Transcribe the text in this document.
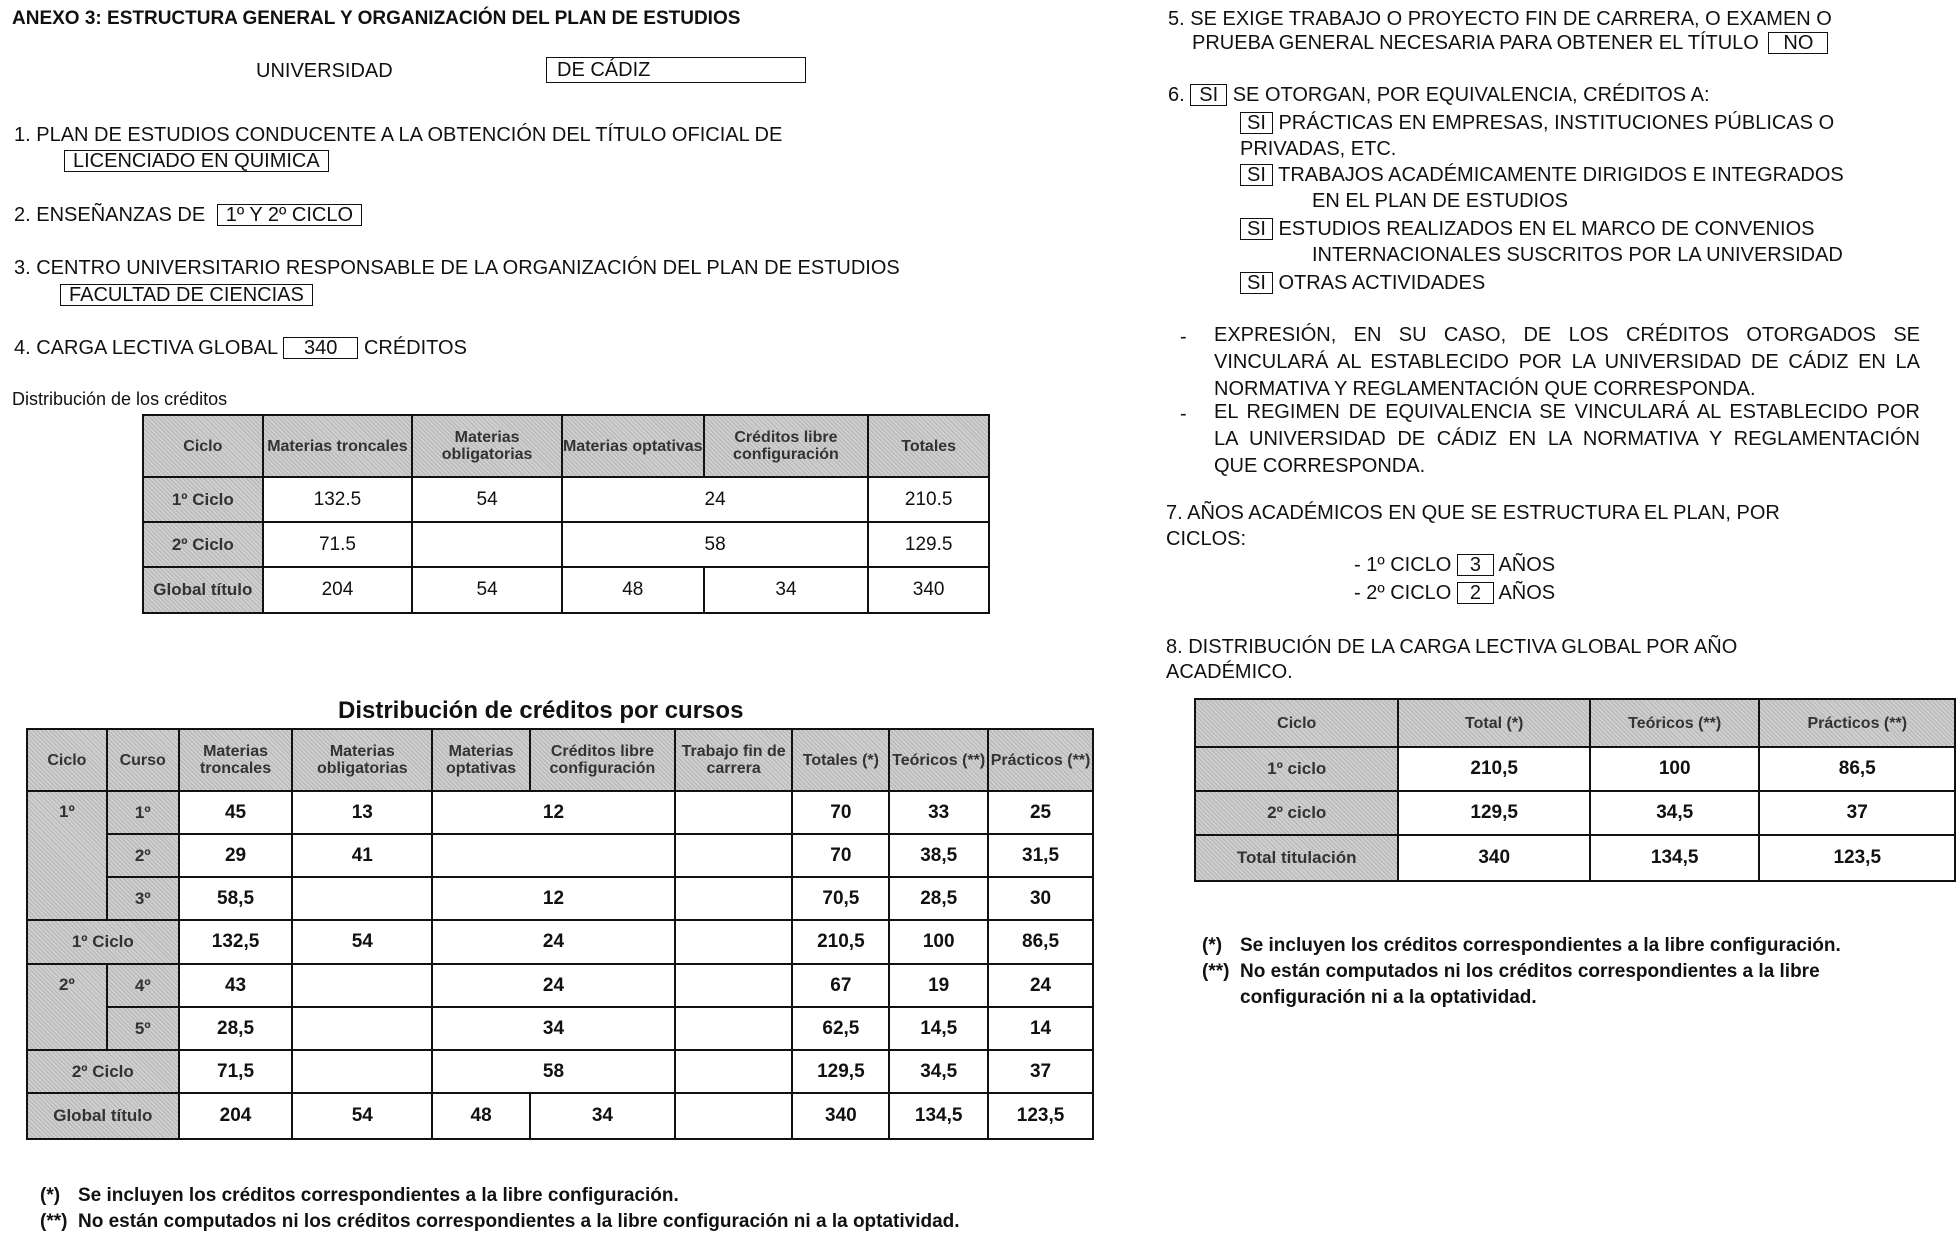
ANEXO 3: ESTRUCTURA GENERAL Y ORGANIZACIÓN DEL PLAN DE ESTUDIOS
UNIVERSIDAD	DE CÁDIZ
1. PLAN DE ESTUDIOS CONDUCENTE A LA OBTENCIÓN DEL TÍTULO OFICIAL DE
LICENCIADO EN QUIMICA
2. ENSEÑANZAS DE 1º Y 2º CICLO
3. CENTRO UNIVERSITARIO RESPONSABLE DE LA ORGANIZACIÓN DEL PLAN DE ESTUDIOS
FACULTAD DE CIENCIAS
4. CARGA LECTIVA GLOBAL 340 CRÉDITOS
Distribución de los créditos
Ciclo	Materias troncales	Materias obligatorias	Materias optativas	Créditos libre configuración	Totales
1º Ciclo	132.5	54	24		210.5
2º Ciclo	71.5		58		129.5
Global título	204	54	48	34	340
Distribución de créditos por cursos
Ciclo	Curso	Materias troncales	Materias obligatorias	Materias optativas	Créditos libre configuración	Trabajo fin de carrera	Totales (*)	Teóricos (**)	Prácticos (**)
1º	1º	45	13	12			70	33	25
	2º	29	41				70	38,5	31,5
	3º	58,5		12			70,5	28,5	30
1º Ciclo		132,5	54	24			210,5	100	86,5
2º	4º	43		24			67	19	24
	5º	28,5		34			62,5	14,5	14
2º Ciclo		71,5		58			129,5	34,5	37
Global título		204	54	48	34		340	134,5	123,5
(*) Se incluyen los créditos correspondientes a la libre configuración.
(**) No están computados ni los créditos correspondientes a la libre configuración ni a la optatividad.
5. SE EXIGE TRABAJO O PROYECTO FIN DE CARRERA, O EXAMEN O
PRUEBA GENERAL NECESARIA PARA OBTENER EL TÍTULO NO
6. SI SE OTORGAN, POR EQUIVALENCIA, CRÉDITOS A:
SI PRÁCTICAS EN EMPRESAS, INSTITUCIONES PÚBLICAS O
PRIVADAS, ETC.
SI TRABAJOS ACADÉMICAMENTE DIRIGIDOS E INTEGRADOS
EN EL PLAN DE ESTUDIOS
SI ESTUDIOS REALIZADOS EN EL MARCO DE CONVENIOS
INTERNACIONALES SUSCRITOS POR LA UNIVERSIDAD
SI OTRAS ACTIVIDADES
- EXPRESIÓN, EN SU CASO, DE LOS CRÉDITOS OTORGADOS SE VINCULARÁ AL ESTABLECIDO POR LA UNIVERSIDAD DE CÁDIZ EN LA NORMATIVA Y REGLAMENTACIÓN QUE CORRESPONDA.
- EL REGIMEN DE EQUIVALENCIA SE VINCULARÁ AL ESTABLECIDO POR LA UNIVERSIDAD DE CÁDIZ EN LA NORMATIVA Y REGLAMENTACIÓN QUE CORRESPONDA.
7. AÑOS ACADÉMICOS EN QUE SE ESTRUCTURA EL PLAN, POR
CICLOS:
- 1º CICLO 3 AÑOS
- 2º CICLO 2 AÑOS
8. DISTRIBUCIÓN DE LA CARGA LECTIVA GLOBAL POR AÑO
ACADÉMICO.
Ciclo	Total (*)	Teóricos (**)	Prácticos (**)
1º ciclo	210,5	100	86,5
2º ciclo	129,5	34,5	37
Total titulación	340	134,5	123,5
(*) Se incluyen los créditos correspondientes a la libre configuración.
(**) No están computados ni los créditos correspondientes a la libre
configuración ni a la optatividad.
